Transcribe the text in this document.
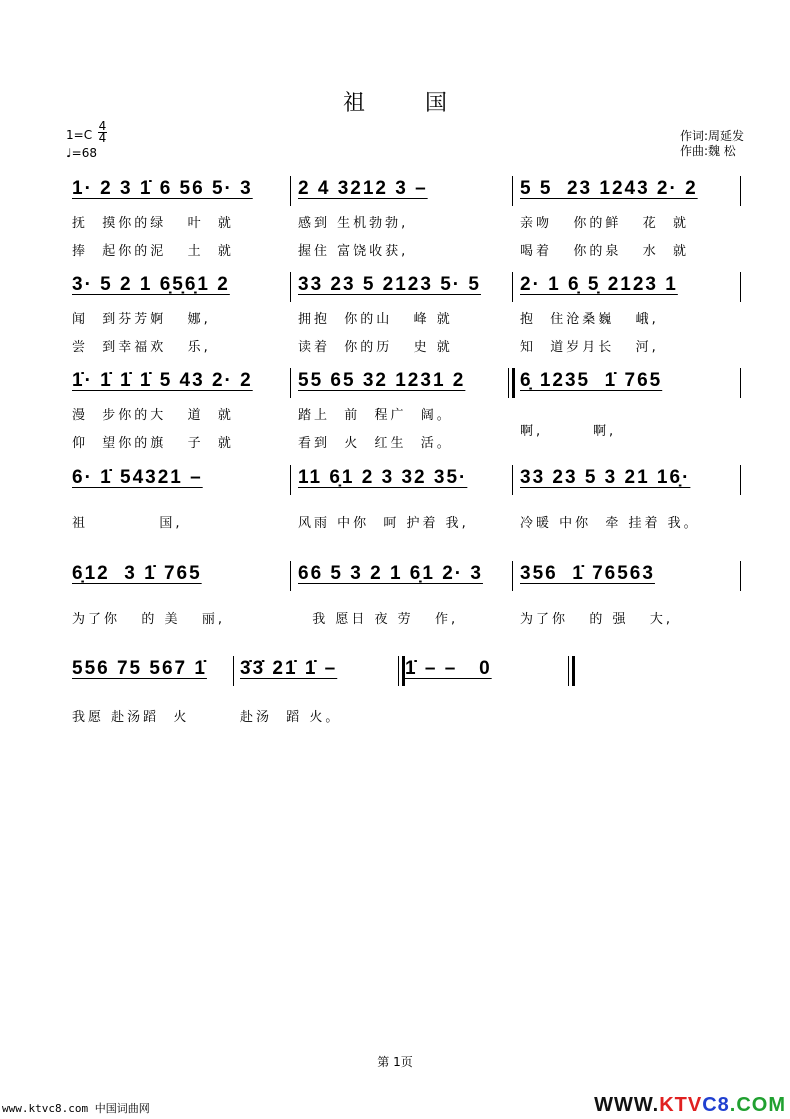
祖国
1=C
4
4
♩=68
作词:周延发
作曲:魏 松
1· 2 3 1̇ 6 56 5· 3
抚  摸你的绿   叶  就
捧  起你的泥   土  就
2 4 3212 3 –
感到 生机勃勃,
握住 富饶收获,
5 5  23 1243 2· 2
亲吻   你的鲜   花  就
喝着   你的泉   水  就
3· 5 2 1 6̣5̣6̣1 2
闻  到芬芳婀   娜,
尝  到幸福欢   乐,
33 23 5 2123 5· 5
拥抱  你的山   峰 就
读着  你的历   史 就
2· 1 6̣ 5̣ 2123 1
抱  住沧桑巍   峨,
知  道岁月长   河,
1̇· 1̇ 1̇ 1̇ 5 43 2· 2
漫  步你的大   道  就
仰  望你的旗   子  就
55 65 32 1231 2
踏上  前  程广  阔。
看到  火  红生  活。
6̣ 1235  1̇ 765
啊,       啊,
6· 1̇ 54321 –
祖          国,
11 6̣1 2 3 32 35·
风雨 中你  呵 护着 我,
33 23 5 3 21 16̣·
冷暖 中你  牵 挂着 我。
6̣12  3 1̇ 765
为了你   的 美   丽,
66 5 3 2 1 6̣1 2· 3
我 愿日 夜 劳   作,
356  1̇ 76563
为了你   的 强   大,
556 75 567 1̇
我愿 赴汤蹈  火
3̇3̇ 21̇ 1̇ –
赴汤  蹈 火。
1̇ – –   0
第 1页
www.ktvc8.com 中国词曲网	WWW.KTVC8.COM
